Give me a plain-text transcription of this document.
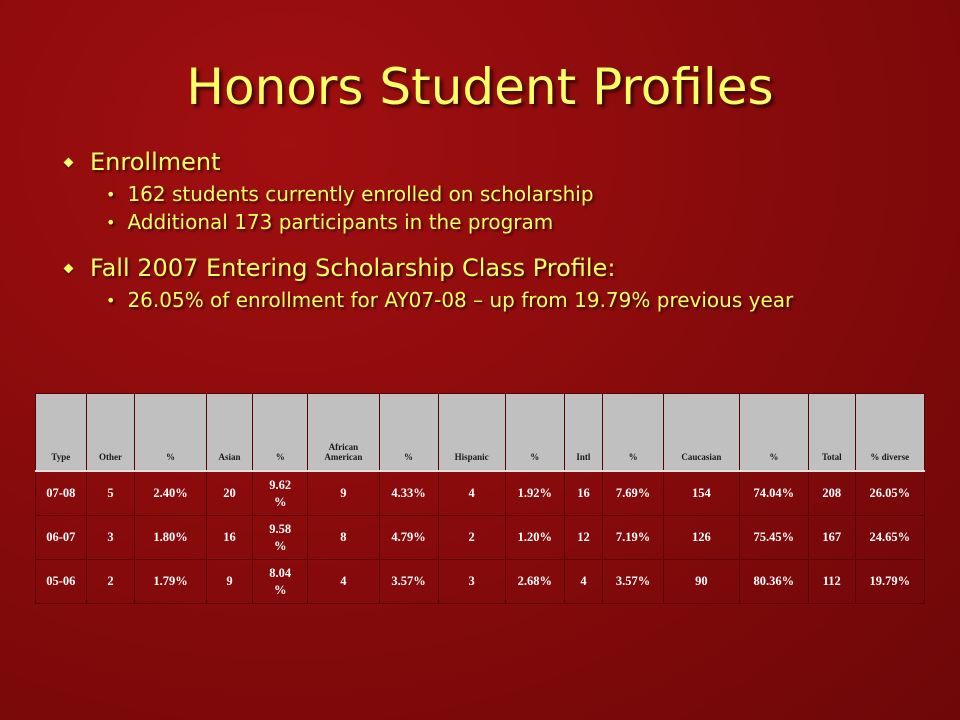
Honors Student Profiles
Enrollment
• 162 students currently enrolled on scholarship
• Additional 173 participants in the program
Fall 2007 Entering Scholarship Class Profile:
• 26.05% of enrollment for AY07-08 – up from 19.79% previous year
Type	Other	%	Asian	%	African American	%	Hispanic	%	Intl	%	Caucasian	%	Total	% diverse
07-08	5	2.40%	20	9.62 %	9	4.33%	4	1.92%	16	7.69%	154	74.04%	208	26.05%
06-07	3	1.80%	16	9.58 %	8	4.79%	2	1.20%	12	7.19%	126	75.45%	167	24.65%
05-06	2	1.79%	9	8.04 %	4	3.57%	3	2.68%	4	3.57%	90	80.36%	112	19.79%
